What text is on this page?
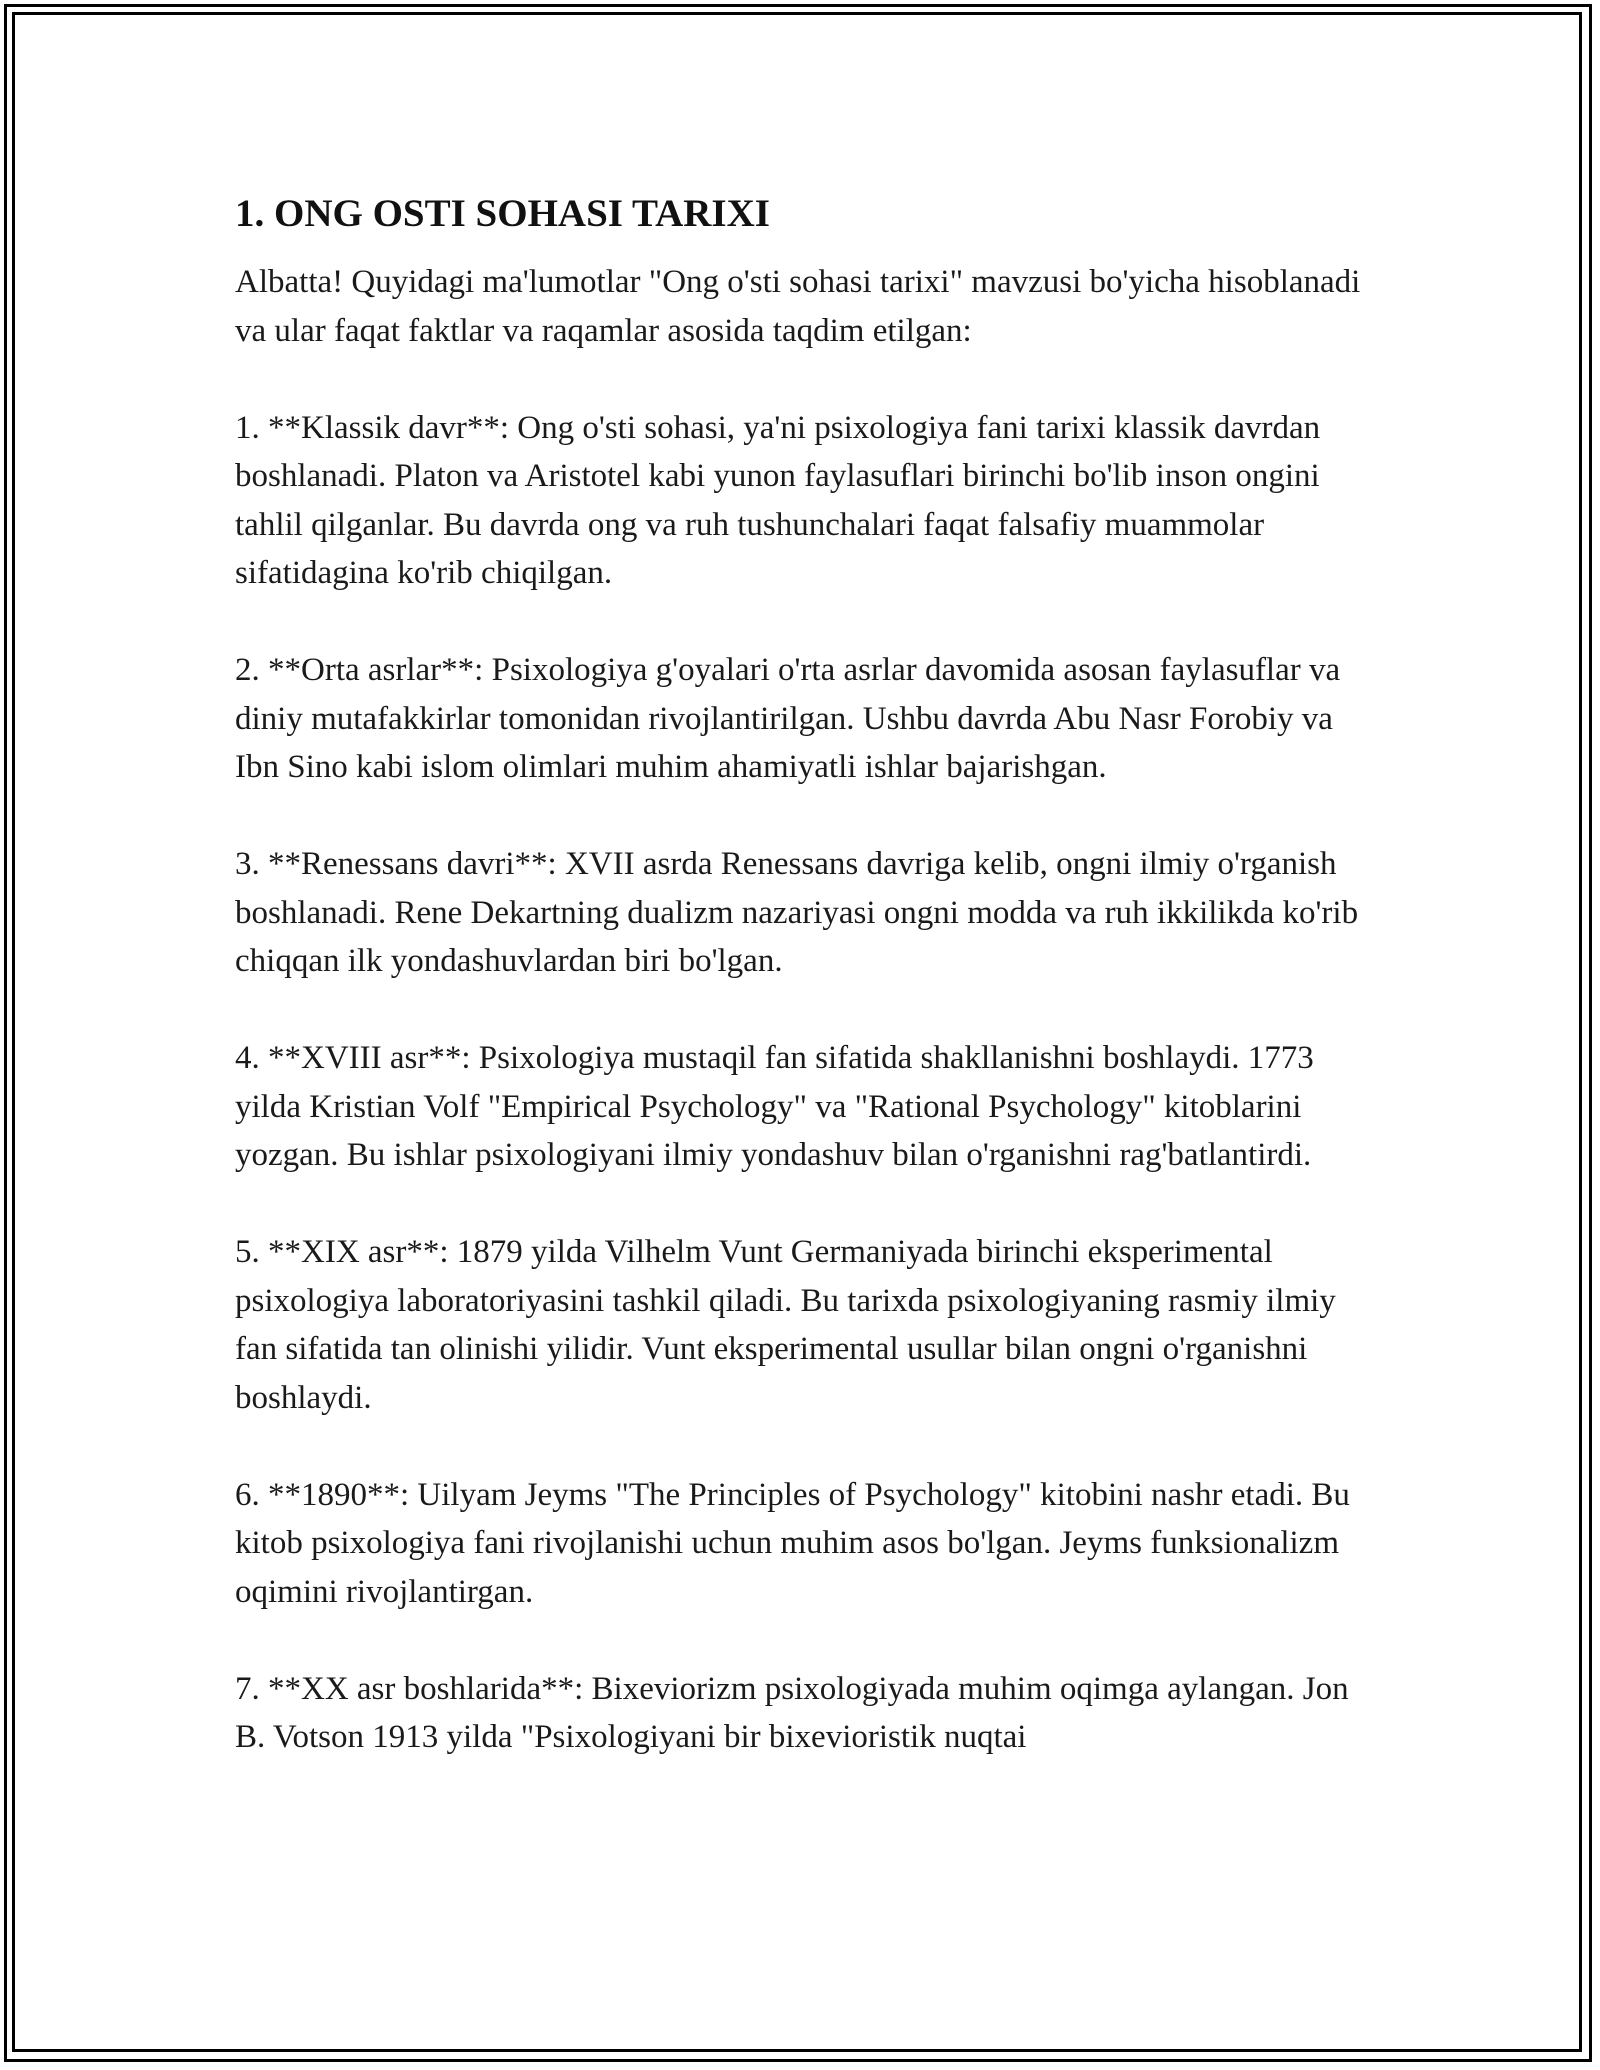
1. ONG OSTI SOHASI TARIXI

Albatta! Quyidagi ma'lumotlar "Ong o'sti sohasi tarixi" mavzusi bo'yicha hisoblanadi va ular faqat faktlar va raqamlar asosida taqdim etilgan:

1. **Klassik davr**: Ong o'sti sohasi, ya'ni psixologiya fani tarixi klassik davrdan boshlanadi. Platon va Aristotel kabi yunon faylasuflari birinchi bo'lib inson ongini tahlil qilganlar. Bu davrda ong va ruh tushunchalari faqat falsafiy muammolar sifatidagina ko'rib chiqilgan.

2. **Orta asrlar**: Psixologiya g'oyalari o'rta asrlar davomida asosan faylasuflar va diniy mutafakkirlar tomonidan rivojlantirilgan. Ushbu davrda Abu Nasr Forobiy va Ibn Sino kabi islom olimlari muhim ahamiyatli ishlar bajarishgan.

3. **Renessans davri**: XVII asrda Renessans davriga kelib, ongni ilmiy o'rganish boshlanadi. Rene Dekartning dualizm nazariyasi ongni modda va ruh ikkilikda ko'rib chiqqan ilk yondashuvlardan biri bo'lgan.

4. **XVIII asr**: Psixologiya mustaqil fan sifatida shakllanishni boshlaydi. 1773 yilda Kristian Volf "Empirical Psychology" va "Rational Psychology" kitoblarini yozgan. Bu ishlar psixologiyani ilmiy yondashuv bilan o'rganishni rag'batlantirdi.

5. **XIX asr**: 1879 yilda Vilhelm Vunt Germaniyada birinchi eksperimental psixologiya laboratoriyasini tashkil qiladi. Bu tarixda psixologiyaning rasmiy ilmiy fan sifatida tan olinishi yilidir. Vunt eksperimental usullar bilan ongni o'rganishni boshlaydi.

6. **1890**: Uilyam Jeyms "The Principles of Psychology" kitobini nashr etadi. Bu kitob psixologiya fani rivojlanishi uchun muhim asos bo'lgan. Jeyms funksionalizm oqimini rivojlantirgan.

7. **XX asr boshlarida**: Bixeviorizm psixologiyada muhim oqimga aylangan. Jon B. Votson 1913 yilda "Psixologiyani bir bixevioristik nuqtai
